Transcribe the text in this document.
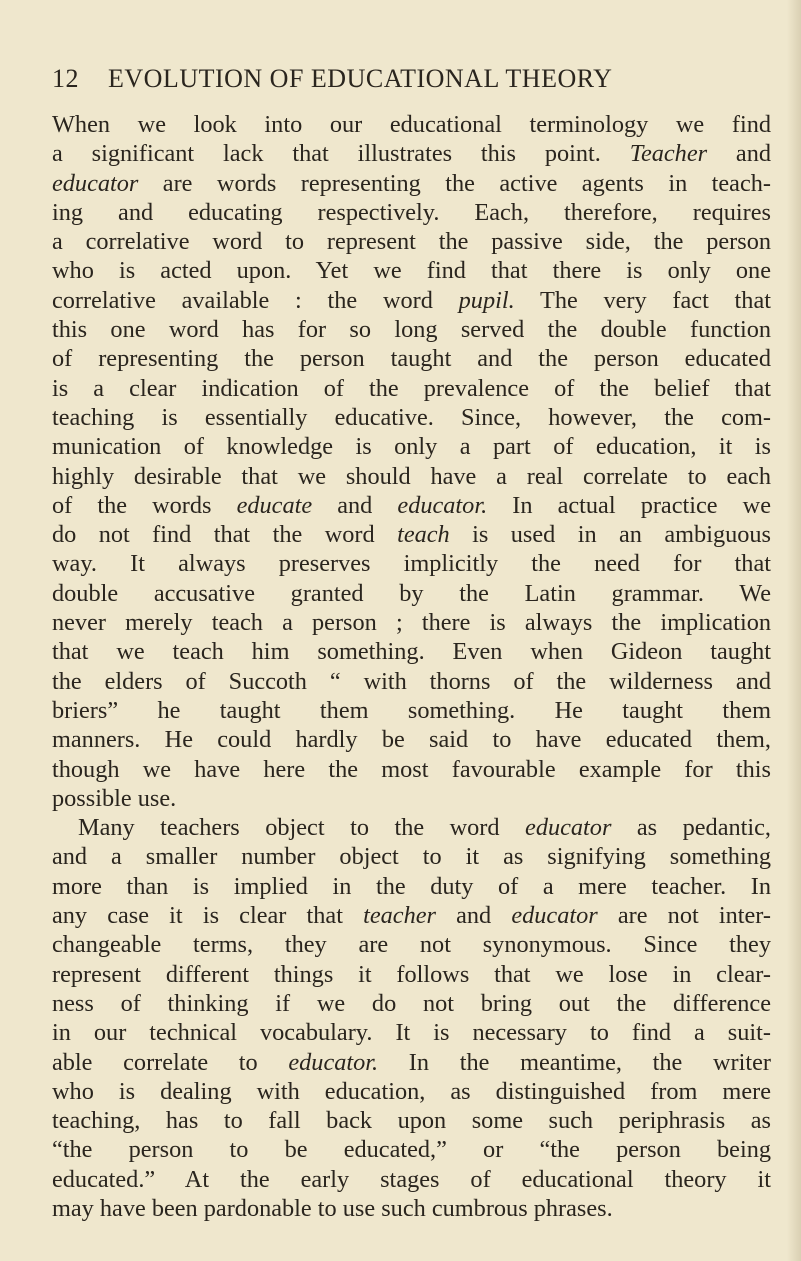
12 EVOLUTION OF EDUCATIONAL THEORY
When we look into our educational terminology we find
a significant lack that illustrates this point. Teacher and
educator are words representing the active agents in teach-
ing and educating respectively. Each, therefore, requires
a correlative word to represent the passive side, the person
who is acted upon. Yet we find that there is only one
correlative available : the word pupil. The very fact that
this one word has for so long served the double function
of representing the person taught and the person educated
is a clear indication of the prevalence of the belief that
teaching is essentially educative. Since, however, the com-
munication of knowledge is only a part of education, it is
highly desirable that we should have a real correlate to each
of the words educate and educator. In actual practice we
do not find that the word teach is used in an ambiguous
way. It always preserves implicitly the need for that
double accusative granted by the Latin grammar. We
never merely teach a person ; there is always the implication
that we teach him something. Even when Gideon taught
the elders of Succoth “ with thorns of the wilderness and
briers” he taught them something. He taught them
manners. He could hardly be said to have educated them,
though we have here the most favourable example for this
possible use.
Many teachers object to the word educator as pedantic,
and a smaller number object to it as signifying something
more than is implied in the duty of a mere teacher. In
any case it is clear that teacher and educator are not inter-
changeable terms, they are not synonymous. Since they
represent different things it follows that we lose in clear-
ness of thinking if we do not bring out the difference
in our technical vocabulary. It is necessary to find a suit-
able correlate to educator. In the meantime, the writer
who is dealing with education, as distinguished from mere
teaching, has to fall back upon some such periphrasis as
“the person to be educated,” or “the person being
educated.” At the early stages of educational theory it
may have been pardonable to use such cumbrous phrases.
